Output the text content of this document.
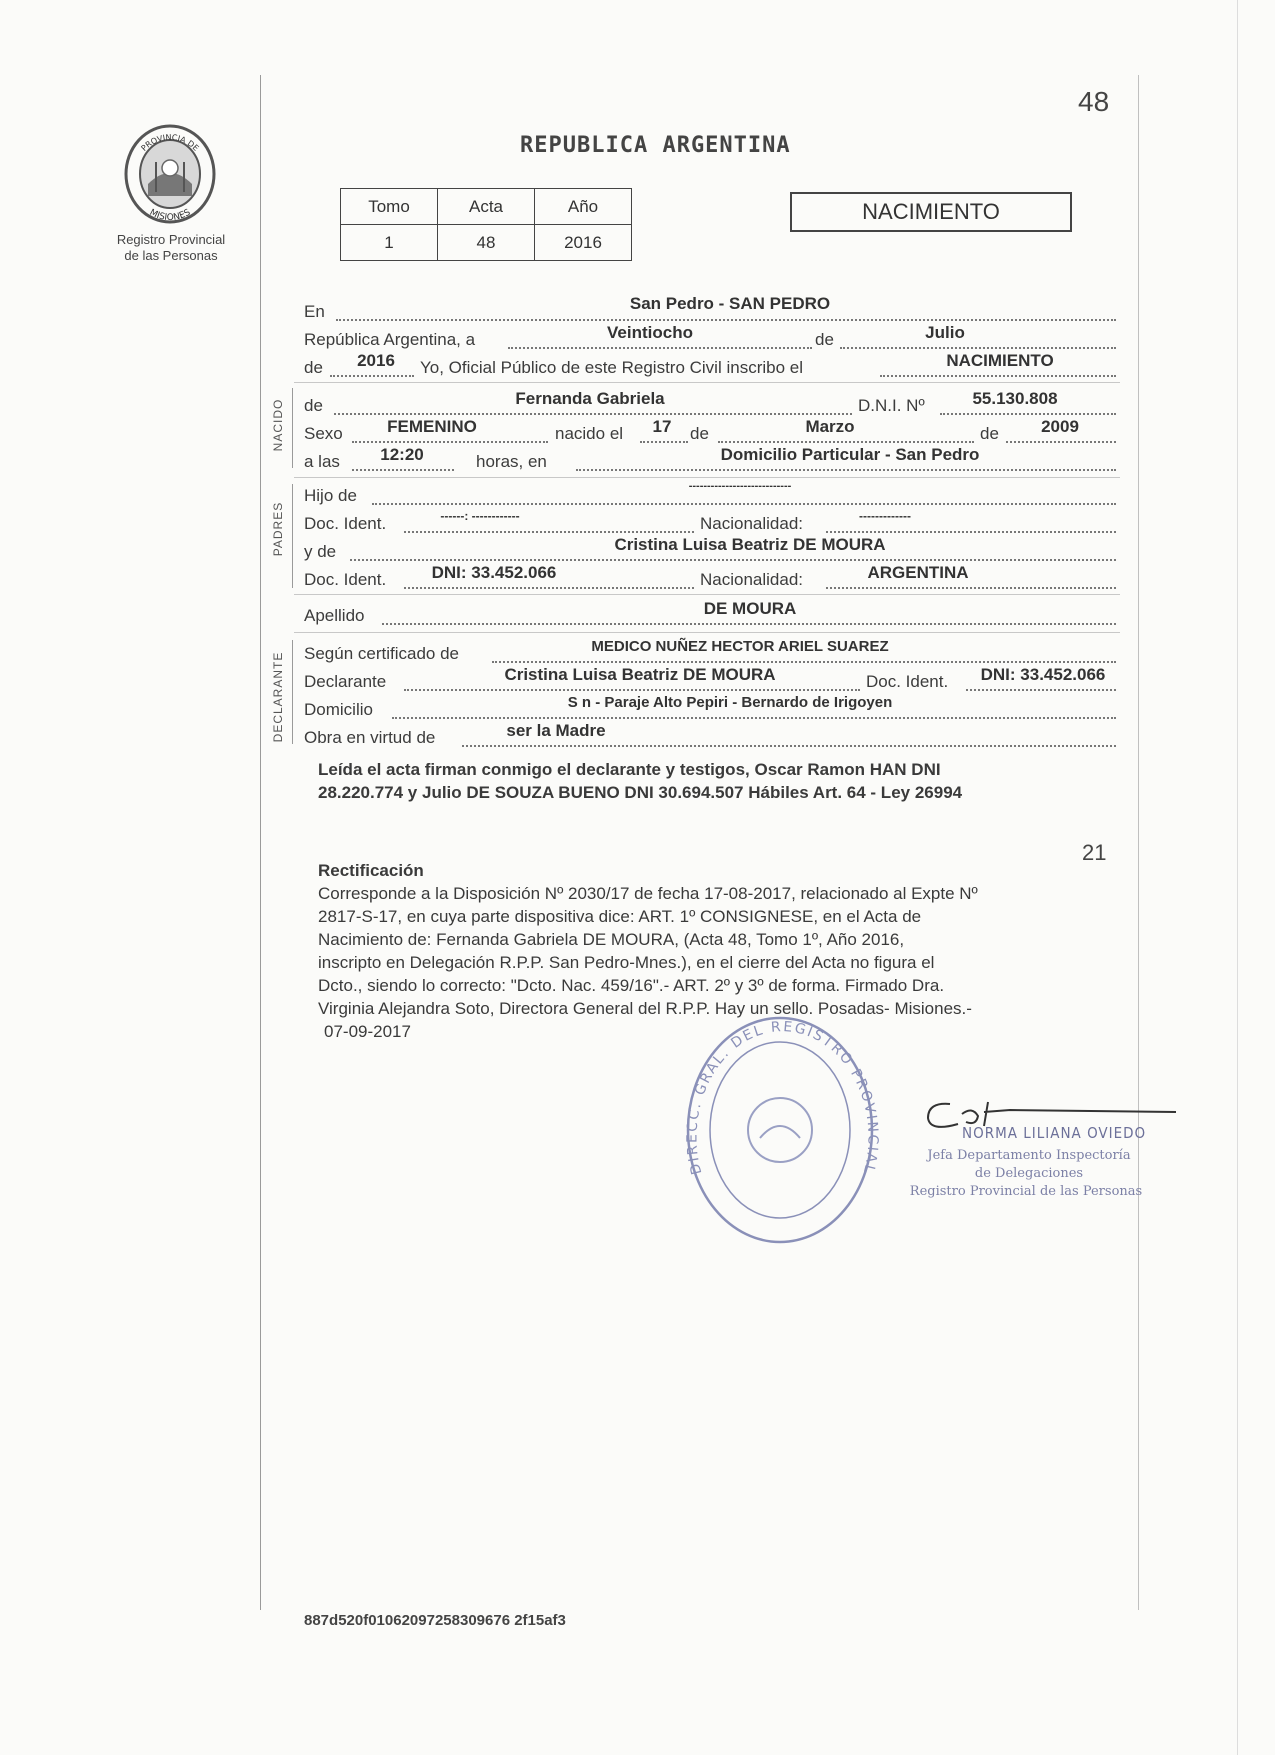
48
PROVINCIA DE
MISIONES
Registro Provincial
de las Personas
REPUBLICA ARGENTINA
Tomo	Acta	Año
1	48	2016
NACIMIENTO
En	San Pedro - SAN PEDRO
República Argentina, a	Veintiocho	de	Julio
de	2016	Yo, Oficial Público de este Registro Civil inscribo el	NACIMIENTO
NACIDO de	Fernanda Gabriela	D.N.I. Nº	55.130.808
Sexo	FEMENINO	nacido el	17	de	Marzo	de	2009
a las	12:20	horas, en	Domicilio Particular - San Pedro
PADRES
Hijo de	----------------------------
Doc. Ident.	------: ------------	Nacionalidad:	-------------
y de	Cristina Luisa Beatriz DE MOURA
Doc. Ident.	DNI: 33.452.066	Nacionalidad:	ARGENTINA
Apellido	DE MOURA
DECLARANTE Según certificado de	MEDICO NUÑEZ HECTOR ARIEL SUAREZ
Declarante	Cristina Luisa Beatriz DE MOURA	Doc. Ident.	DNI: 33.452.066
Domicilio	S n - Paraje Alto Pepiri - Bernardo de Irigoyen
Obra en virtud de	ser la Madre
Leída el acta firman conmigo el declarante y testigos, Oscar Ramon HAN DNI
28.220.774 y Julio DE SOUZA BUENO DNI 30.694.507 Hábiles Art. 64 - Ley 26994
21
Rectificación
Corresponde a la Disposición Nº 2030/17 de fecha 17-08-2017, relacionado al Expte Nº
2817-S-17, en cuya parte dispositiva dice: ART. 1º CONSIGNESE, en el Acta de
Nacimiento de: Fernanda Gabriela DE MOURA, (Acta 48, Tomo 1º, Año 2016,
inscripto en Delegación R.P.P. San Pedro-Mnes.), en el cierre del Acta no figura el
Dcto., siendo lo correcto: "Dcto. Nac. 459/16".- ART. 2º y 3º de forma. Firmado Dra.
Virginia Alejandra Soto, Directora General del R.P.P. Hay un sello. Posadas- Misiones.-
07-09-2017
DIRECC. GRAL. DEL REGISTRO PROVINCIAL
NORMA LILIANA OVIEDO
Jefa Departamento Inspectoría
de Delegaciones
Registro Provincial de las Personas
887d520f01062097258309676 2f15af3
